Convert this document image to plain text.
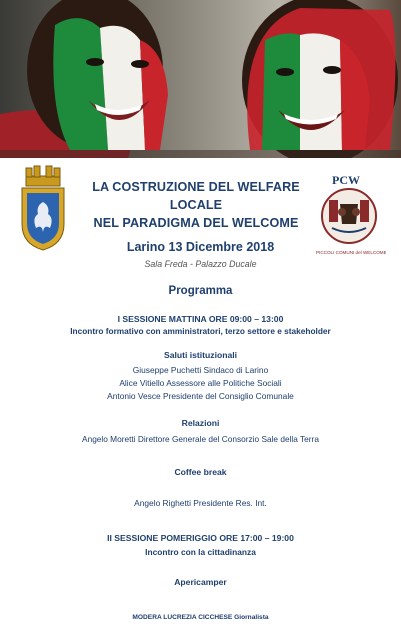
LA COSTRUZIONE DEL WELFARE LOCALE
NEL PARADIGMA DEL WELCOME
PCW
PICCOLI COMUNI del WELCOME
Larino 13 Dicembre 2018
Sala Freda - Palazzo Ducale
Programma
I SESSIONE MATTINA ORE 09:00 – 13:00
Incontro formativo con amministratori, terzo settore e stakeholder
Saluti istituzionali
Giuseppe Puchetti Sindaco di Larino
Alice Vitiello Assessore alle Politiche Sociali
Antonio Vesce Presidente del Consiglio Comunale
Relazioni
Angelo Moretti Direttore Generale del Consorzio Sale della Terra
Coffee break
Angelo Righetti Presidente Res. Int.
II SESSIONE POMERIGGIO ORE 17:00 – 19:00
Incontro con la cittadinanza
Apericamper
MODERA LUCREZIA CICCHESE Giornalista
